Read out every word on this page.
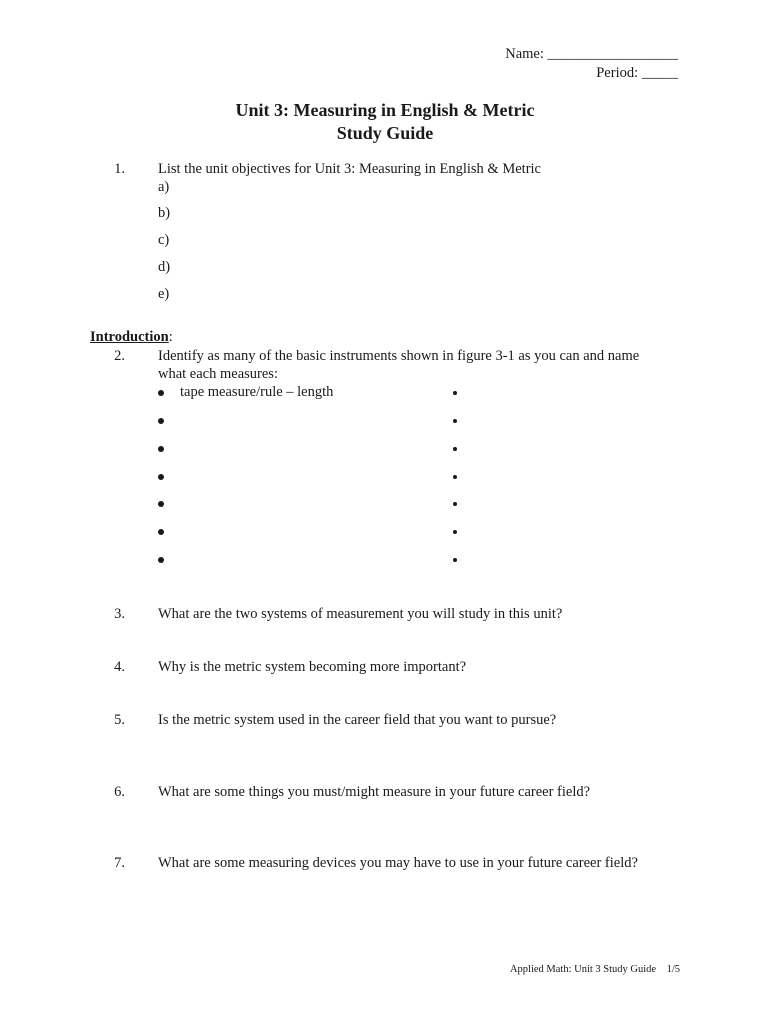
Name: __________________
Period: _____
Unit 3: Measuring in English & Metric
Study Guide
1. List the unit objectives for Unit 3: Measuring in English & Metric
a)
b)
c)
d)
e)
Introduction:
2. Identify as many of the basic instruments shown in figure 3-1 as you can and name
what each measures:
tape measure/rule – length
3. What are the two systems of measurement you will study in this unit?
4. Why is the metric system becoming more important?
5. Is the metric system used in the career field that you want to pursue?
6. What are some things you must/might measure in your future career field?
7. What are some measuring devices you may have to use in your future career field?
Applied Math: Unit 3 Study Guide 1/5
